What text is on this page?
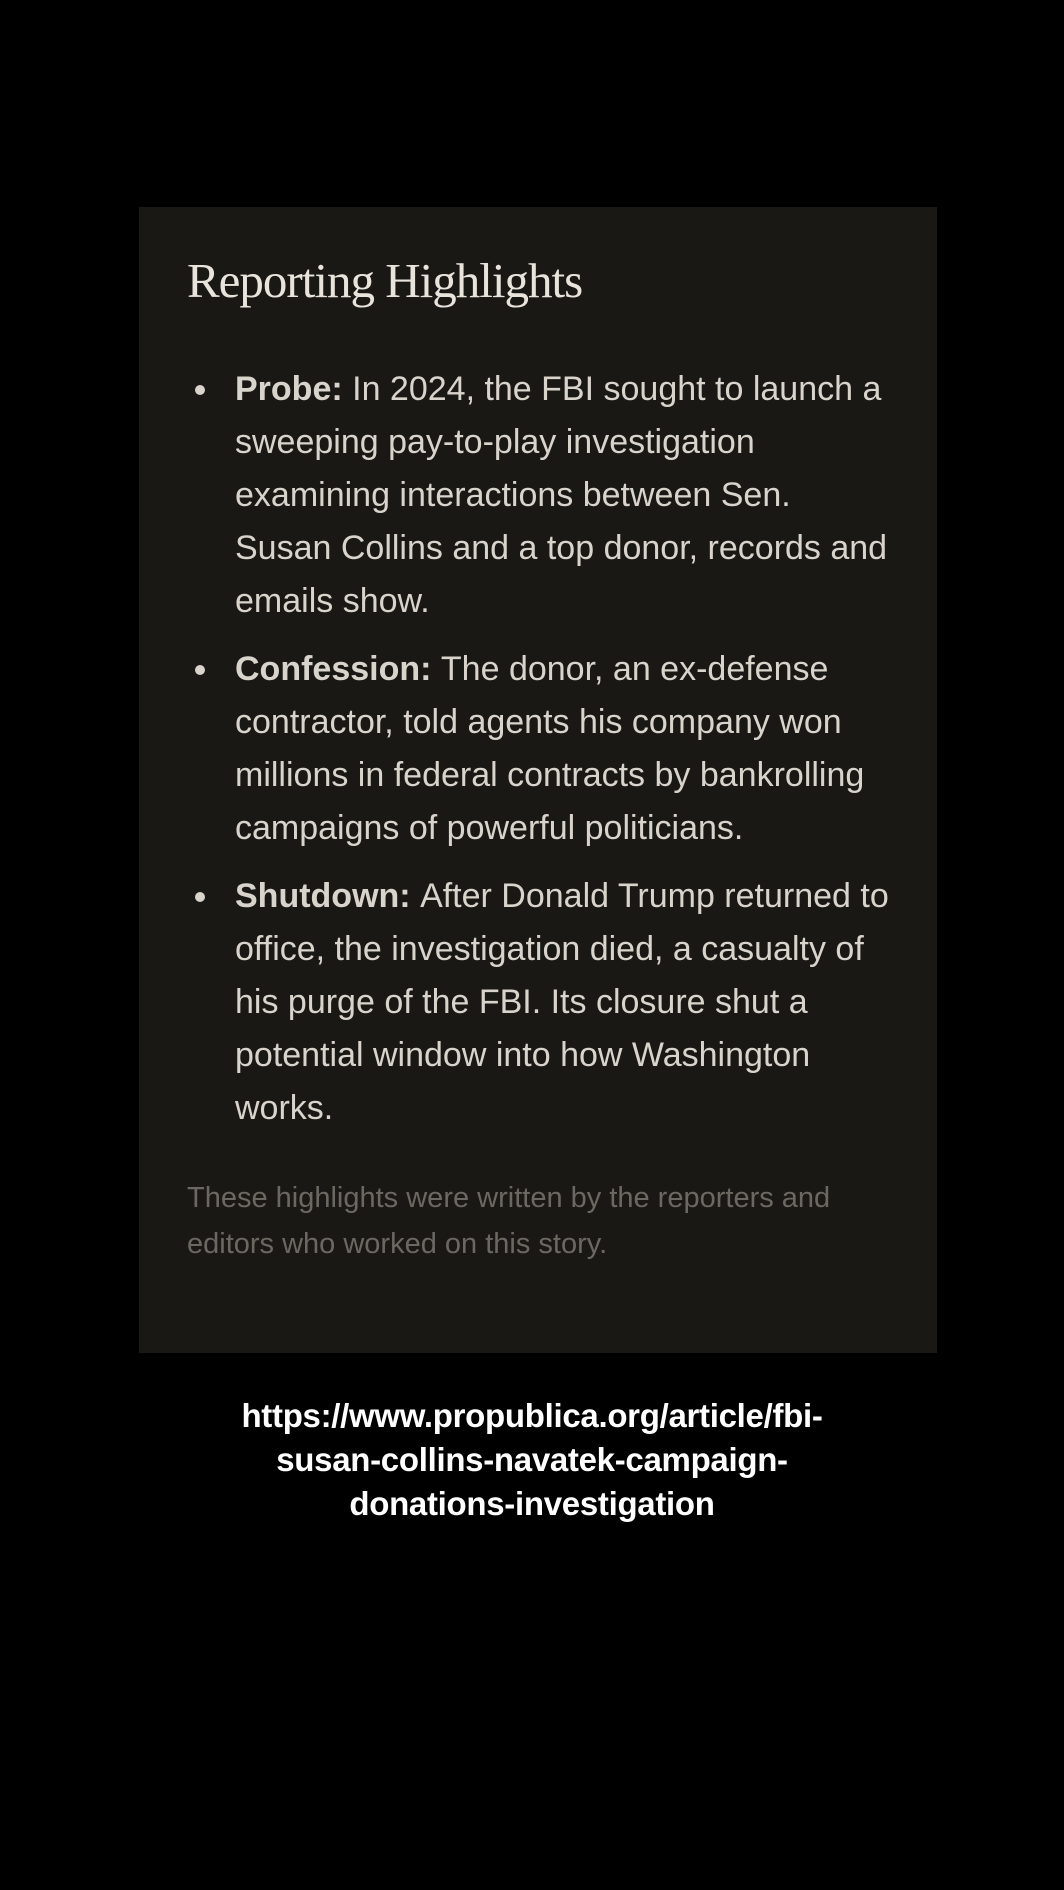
Reporting Highlights
Probe: In 2024, the FBI sought to launch a sweeping pay-to-play investigation examining interactions between Sen. Susan Collins and a top donor, records and emails show.
Confession: The donor, an ex-defense contractor, told agents his company won millions in federal contracts by bankrolling campaigns of powerful politicians.
Shutdown: After Donald Trump returned to office, the investigation died, a casualty of his purge of the FBI. Its closure shut a potential window into how Washington works.

These highlights were written by the reporters and editors who worked on this story.

https://www.propublica.org/article/fbi-
susan-collins-navatek-campaign-
donations-investigation
